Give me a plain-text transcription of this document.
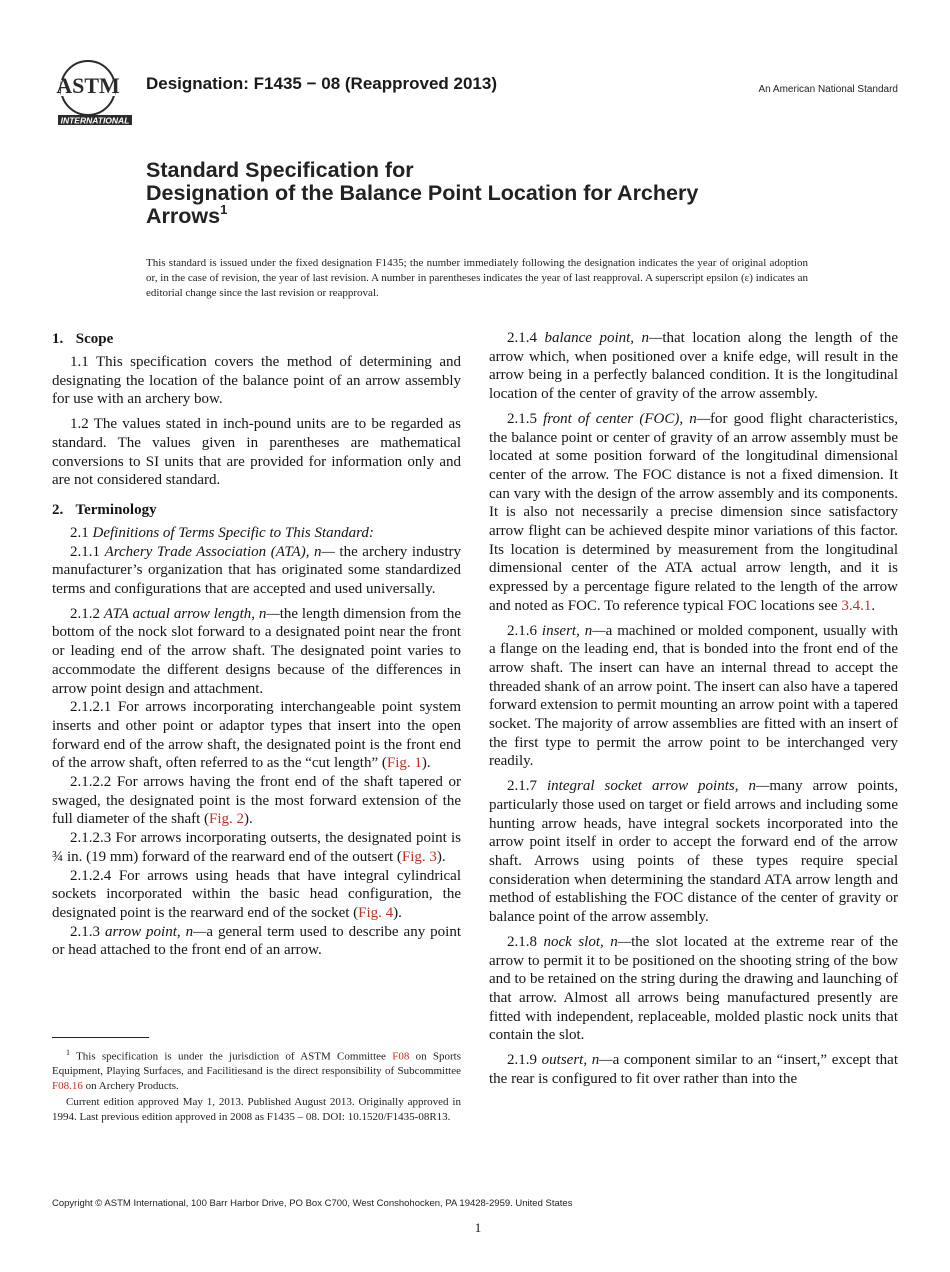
ASTM
INTERNATIONAL
Designation: F1435 − 08 (Reapproved 2013)	An American National Standard
Standard Specification for
Designation of the Balance Point Location for Archery
Arrows$^1$
This standard is issued under the fixed designation F1435; the number immediately following the designation indicates the year of original adoption or, in the case of revision, the year of last revision. A number in parentheses indicates the year of last reapproval. A superscript epsilon (ε) indicates an editorial change since the last revision or reapproval.
1. Scope

1.1 This specification covers the method of determining and designating the location of the balance point of an arrow assembly for use with an archery bow.

1.2 The values stated in inch-pound units are to be regarded as standard. The values given in parentheses are mathematical conversions to SI units that are provided for information only and are not considered standard.

2. Terminology

2.1 Definitions of Terms Specific to This Standard:

2.1.1 Archery Trade Association (ATA), n— the archery industry manufacturer’s organization that has originated some standardized terms and configurations that are accepted and used universally.

2.1.2 ATA actual arrow length, n—the length dimension from the bottom of the nock slot forward to a designated point near the front or leading end of the arrow shaft. The designated point varies to accommodate the different designs because of the differences in arrow point design and attachment.

2.1.2.1 For arrows incorporating interchangeable point system inserts and other point or adaptor types that insert into the open forward end of the arrow shaft, the designated point is the front end of the arrow shaft, often referred to as the “cut length” (Fig. 1).

2.1.2.2 For arrows having the front end of the shaft tapered or swaged, the designated point is the most forward extension of the full diameter of the shaft (Fig. 2).

2.1.2.3 For arrows incorporating outserts, the designated point is ¾ in. (19 mm) forward of the rearward end of the outsert (Fig. 3).

2.1.2.4 For arrows using heads that have integral cylindrical sockets incorporated within the basic head configuration, the designated point is the rearward end of the socket (Fig. 4).

2.1.3 arrow point, n—a general term used to describe any point or head attached to the front end of an arrow.

$^1$ This specification is under the jurisdiction of ASTM Committee F08 on Sports Equipment, Playing Surfaces, and Facilitiesand is the direct responsibility of Subcommittee F08.16 on Archery Products.

Current edition approved May 1, 2013. Published August 2013. Originally approved in 1994. Last previous edition approved in 2008 as F1435 – 08. DOI: 10.1520/F1435-08R13.

2.1.4 balance point, n—that location along the length of the arrow which, when positioned over a knife edge, will result in the arrow being in a perfectly balanced condition. It is the longitudinal location of the center of gravity of the arrow assembly.

2.1.5 front of center (FOC), n—for good flight characteristics, the balance point or center of gravity of an arrow assembly must be located at some position forward of the longitudinal dimensional center of the arrow. The FOC distance is not a fixed dimension. It can vary with the design of the arrow assembly and its components. It is also not necessarily a precise dimension since satisfactory arrow flight can be achieved despite minor variations of this factor. Its location is determined by measurement from the longitudinal dimensional center of the ATA actual arrow length, and it is expressed by a percentage figure related to the length of the arrow and noted as FOC. To reference typical FOC locations see 3.4.1.

2.1.6 insert, n—a machined or molded component, usually with a flange on the leading end, that is bonded into the front end of the arrow shaft. The insert can have an internal thread to accept the threaded shank of an arrow point. The insert can also have a tapered forward extension to permit mounting an arrow point with a tapered socket. The majority of arrow assemblies are fitted with an insert of the first type to permit the arrow point to be interchanged very readily.

2.1.7 integral socket arrow points, n—many arrow points, particularly those used on target or field arrows and including some hunting arrow heads, have integral sockets incorporated into the arrow point itself in order to accept the forward end of the arrow shaft. Arrows using points of these types require special consideration when determining the standard ATA arrow length and method of establishing the FOC distance of the center of gravity or balance point of the arrow assembly.

2.1.8 nock slot, n—the slot located at the extreme rear of the arrow to permit it to be positioned on the shooting string of the bow and to be retained on the string during the drawing and launching of that arrow. Almost all arrows being manufactured presently are fitted with independent, replaceable, molded plastic nock units that contain the slot.

2.1.9 outsert, n—a component similar to an “insert,” except that the rear is configured to fit over rather than into the

Copyright © ASTM International, 100 Barr Harbor Drive, PO Box C700, West Conshohocken, PA 19428-2959. United States
1
